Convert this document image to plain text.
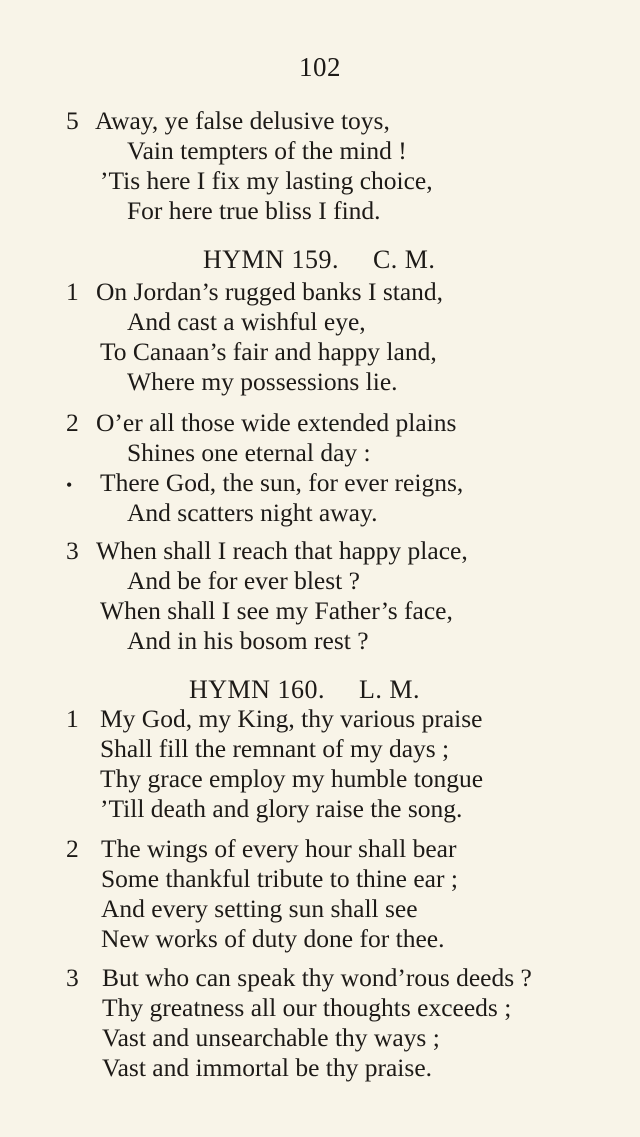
102
5 Away, ye false delusive toys,
Vain tempters of the mind !
’Tis here I fix my lasting choice,
For here true bliss I find.
HYMN 159. C. M.
1 On Jordan’s rugged banks I stand,
And cast a wishful eye,
To Canaan’s fair and happy land,
Where my possessions lie.
2 O’er all those wide extended plains
Shines one eternal day :
• There God, the sun, for ever reigns,
And scatters night away.
3 When shall I reach that happy place,
And be for ever blest ?
When shall I see my Father’s face,
And in his bosom rest ?
HYMN 160. L. M.
1 My God, my King, thy various praise
Shall fill the remnant of my days ;
Thy grace employ my humble tongue
’Till death and glory raise the song.
2 The wings of every hour shall bear
Some thankful tribute to thine ear ;
And every setting sun shall see
New works of duty done for thee.
3 But who can speak thy wond’rous deeds ?
Thy greatness all our thoughts exceeds ;
Vast and unsearchable thy ways ;
Vast and immortal be thy praise.
